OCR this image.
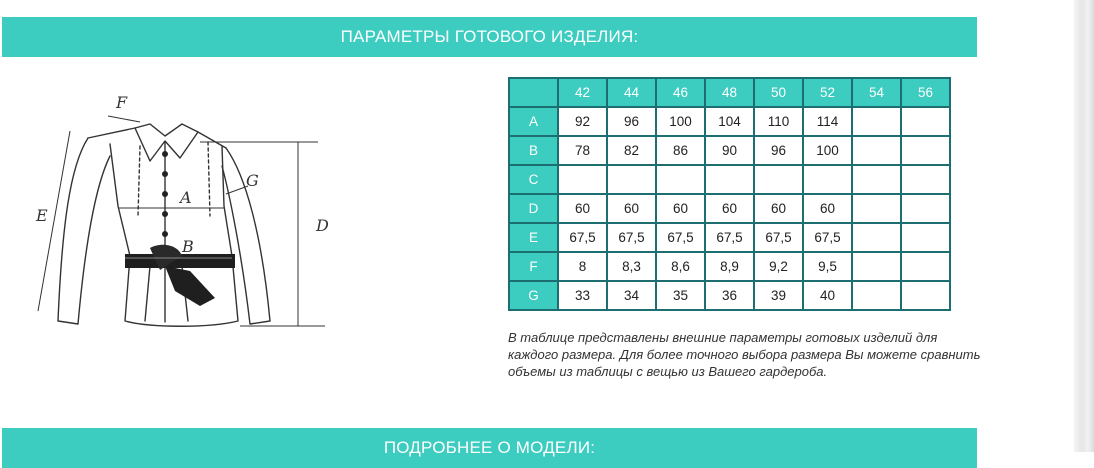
ПАРАМЕТРЫ ГОТОВОГО ИЗДЕЛИЯ:
A
B
D
E
F
G
	42	44	46	48	50	52	54	56
A	92	96	100	104	110	114		
B	78	82	86	90	96	100		
C								
D	60	60	60	60	60	60		
E	67,5	67,5	67,5	67,5	67,5	67,5		
F	8	8,3	8,6	8,9	9,2	9,5		
G	33	34	35	36	39	40		
В таблице представлены внешние параметры готовых изделий для каждого размера. Для более точного выбора размера Вы можете сравнить объемы из таблицы с вещью из Вашего гардероба.
ПОДРОБНЕЕ О МОДЕЛИ:
